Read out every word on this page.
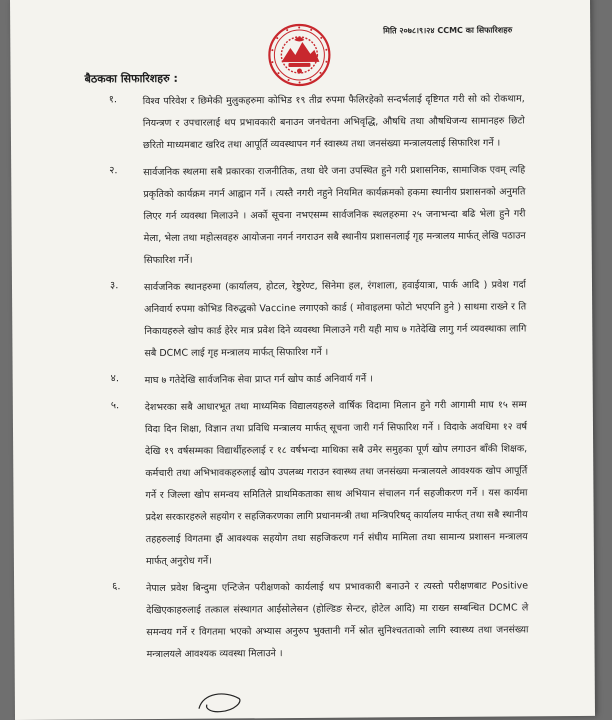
मिति २०७८।९।२४ CCMC का सिफारिशहरु
बैठकका सिफारिशहरु :
१.	विश्व परिवेश र छिमेकी मुलुकहरुमा कोभिड १९ तीव्र रुपमा फैलिरहेको सन्दर्भलाई दृष्टिगत गरी सो को रोकथाम, नियन्त्रण र उपचारलाई थप प्रभावकारी बनाउन जनचेतना अभिवृद्धि, औषधि तथा औषधिजन्य सामानहरु छिटो छरितो माध्यमबाट खरिद तथा आपूर्ति व्यवस्थापन गर्न स्वास्थ्य तथा जनसंख्या मन्त्रालयलाई सिफारिश गर्ने ।
२.	सार्वजनिक स्थलमा सबै प्रकारका राजनीतिक, तथा धेरै जना उपस्थित हुने गरी प्रशासनिक, सामाजिक एवम् त्यहि प्रकृतिको कार्यक्रम नगर्न आह्वान गर्ने । त्यस्तै नगरी नहुने नियमित कार्यक्रमको हकमा स्थानीय प्रशासनको अनुमति लिएर गर्न व्यवस्था मिलाउने । अर्को सूचना नभएसम्म सार्वजनिक स्थलहरुमा २५ जनाभन्दा बढि भेला हुने गरी मेला, भेला तथा महोत्सवहरु आयोजना नगर्न नगराउन सबै स्थानीय प्रशासनलाई गृह मन्त्रालय मार्फत् लेखि पठाउन सिफारिश गर्ने।
३.	सार्वजनिक स्थानहरुमा (कार्यालय, होटल, रेष्टुरेण्ट, सिनेमा हल, रंगशाला, हवाईयात्रा, पार्क आदि ) प्रवेश गर्दा अनिवार्य रुपमा कोभिड विरुद्धको Vaccine लगाएको कार्ड ( मोवाइलमा फोटो भएपनि हुने ) साथमा राख्ने र ति निकायहरुले खोप कार्ड हेरेर मात्र प्रवेश दिने व्यवस्था मिलाउने गरी यही माघ ७ गतेदेखि लागु गर्न व्यवस्थाका लागि सबै DCMC लाई गृह मन्त्रालय मार्फत् सिफारिश गर्ने ।
४.	माघ ७ गतेदेखि सार्वजनिक सेवा प्राप्त गर्न खोप कार्ड अनिवार्य गर्ने ।
५.	देशभरका सबै आधारभूत तथा माध्यमिक विद्यालयहरुले वार्षिक विदामा मिलान हुने गरी आगामी माघ १५ सम्म विदा दिन शिक्षा, विज्ञान तथा प्रविधि मन्त्रालय मार्फत् सूचना जारी गर्न सिफारिश गर्ने । विदाके अवधिमा १२ वर्ष देखि १९ वर्षसम्मका विद्यार्थीहरुलाई र १८ वर्षभन्दा माथिका सबै उमेर समुहका पूर्ण खोप लगाउन बाँकी शिक्षक, कर्मचारी तथा अभिभावकहरुलाई खोप उपलब्ध गराउन स्वास्थ्य तथा जनसंख्या मन्त्रालयले आवश्यक खोप आपूर्ति गर्ने र जिल्ला खोप समन्वय समितिले प्राथमिकताका साथ अभियान संचालन गर्न सहजीकरण गर्ने । यस कार्यमा प्रदेश सरकारहरुले सहयोग र सहजिकरणका लागि प्रधानमन्त्री तथा मन्त्रिपरिषद् कार्यालय मार्फत् तथा सबै स्थानीय तहहरुलाई विगतमा झैं आवश्यक सहयोग तथा सहजिकरण गर्न संघीय मामिला तथा सामान्य प्रशासन मन्त्रालय मार्फत् अनुरोध गर्ने।
६.	नेपाल प्रवेश बिन्दुमा एन्टिजेन परीक्षणको कार्यलाई थप प्रभावकारी बनाउने र त्यस्तो परीक्षणबाट Positive देखिएकाहरुलाई तत्काल संस्थागत आईसोलेसन (होल्डिङ सेन्टर, होटेल आदि) मा राख्न सम्बन्धित DCMC ले समन्वय गर्ने र विगतमा भएको अभ्यास अनुरुप भुक्तानी गर्ने स्रोत सुनिश्चतताको लागि स्वास्थ्य तथा जनसंख्या मन्त्रालयले आवश्यक व्यवस्था मिलाउने ।
